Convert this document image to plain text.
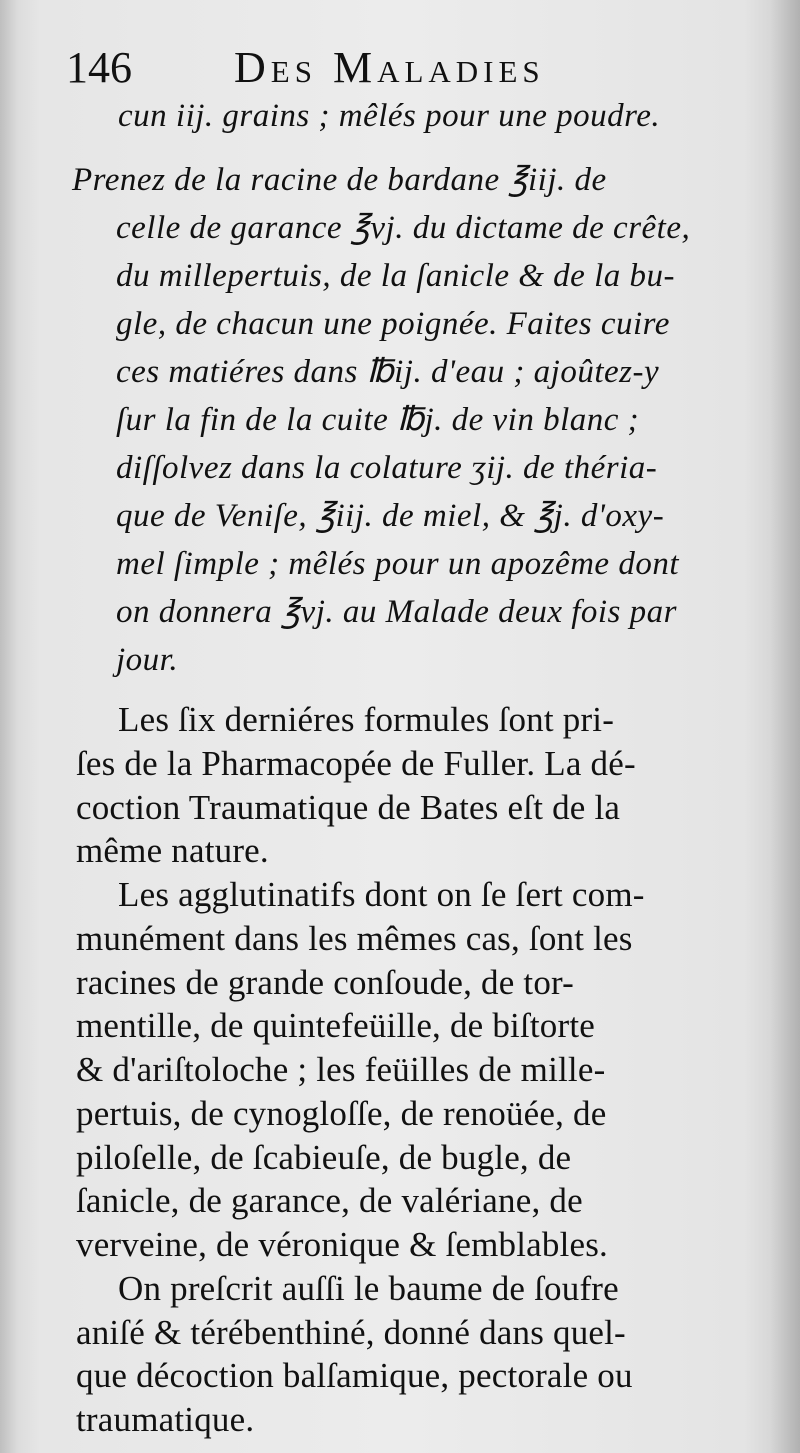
146 Des Maladies
cun iij. grains ; mêlés pour une poudre.
Prenez de la racine de bardane ℥iij. de
celle de garance ℥vj. du dictame de crête,
du millepertuis, de la ſanicle & de la bu-
gle, de chacun une poignée. Faites cuire
ces matiéres dans ℔ij. d'eau ; ajoûtez-y
ſur la fin de la cuite ℔j. de vin blanc ;
diſſolvez dans la colature ʒij. de théria-
que de Veniſe, ℥iij. de miel, & ℥j. d'oxy-
mel ſimple ; mêlés pour un apozême dont
on donnera ℥vj. au Malade deux fois par
jour.
Les ſix derniéres formules ſont pri-
ſes de la Pharmacopée de Fuller. La dé-
coction Traumatique de Bates eſt de la
même nature.
Les agglutinatifs dont on ſe ſert com-
munément dans les mêmes cas, ſont les
racines de grande conſoude, de tor-
mentille, de quintefeüille, de biſtorte
& d'ariſtoloche ; les feüilles de mille-
pertuis, de cynogloſſe, de renoüée, de
piloſelle, de ſcabieuſe, de bugle, de
ſanicle, de garance, de valériane, de
verveine, de véronique & ſemblables.
On preſcrit auſſi le baume de ſoufre
aniſé & térébenthiné, donné dans quel-
que décoction balſamique, pectorale ou
traumatique.
